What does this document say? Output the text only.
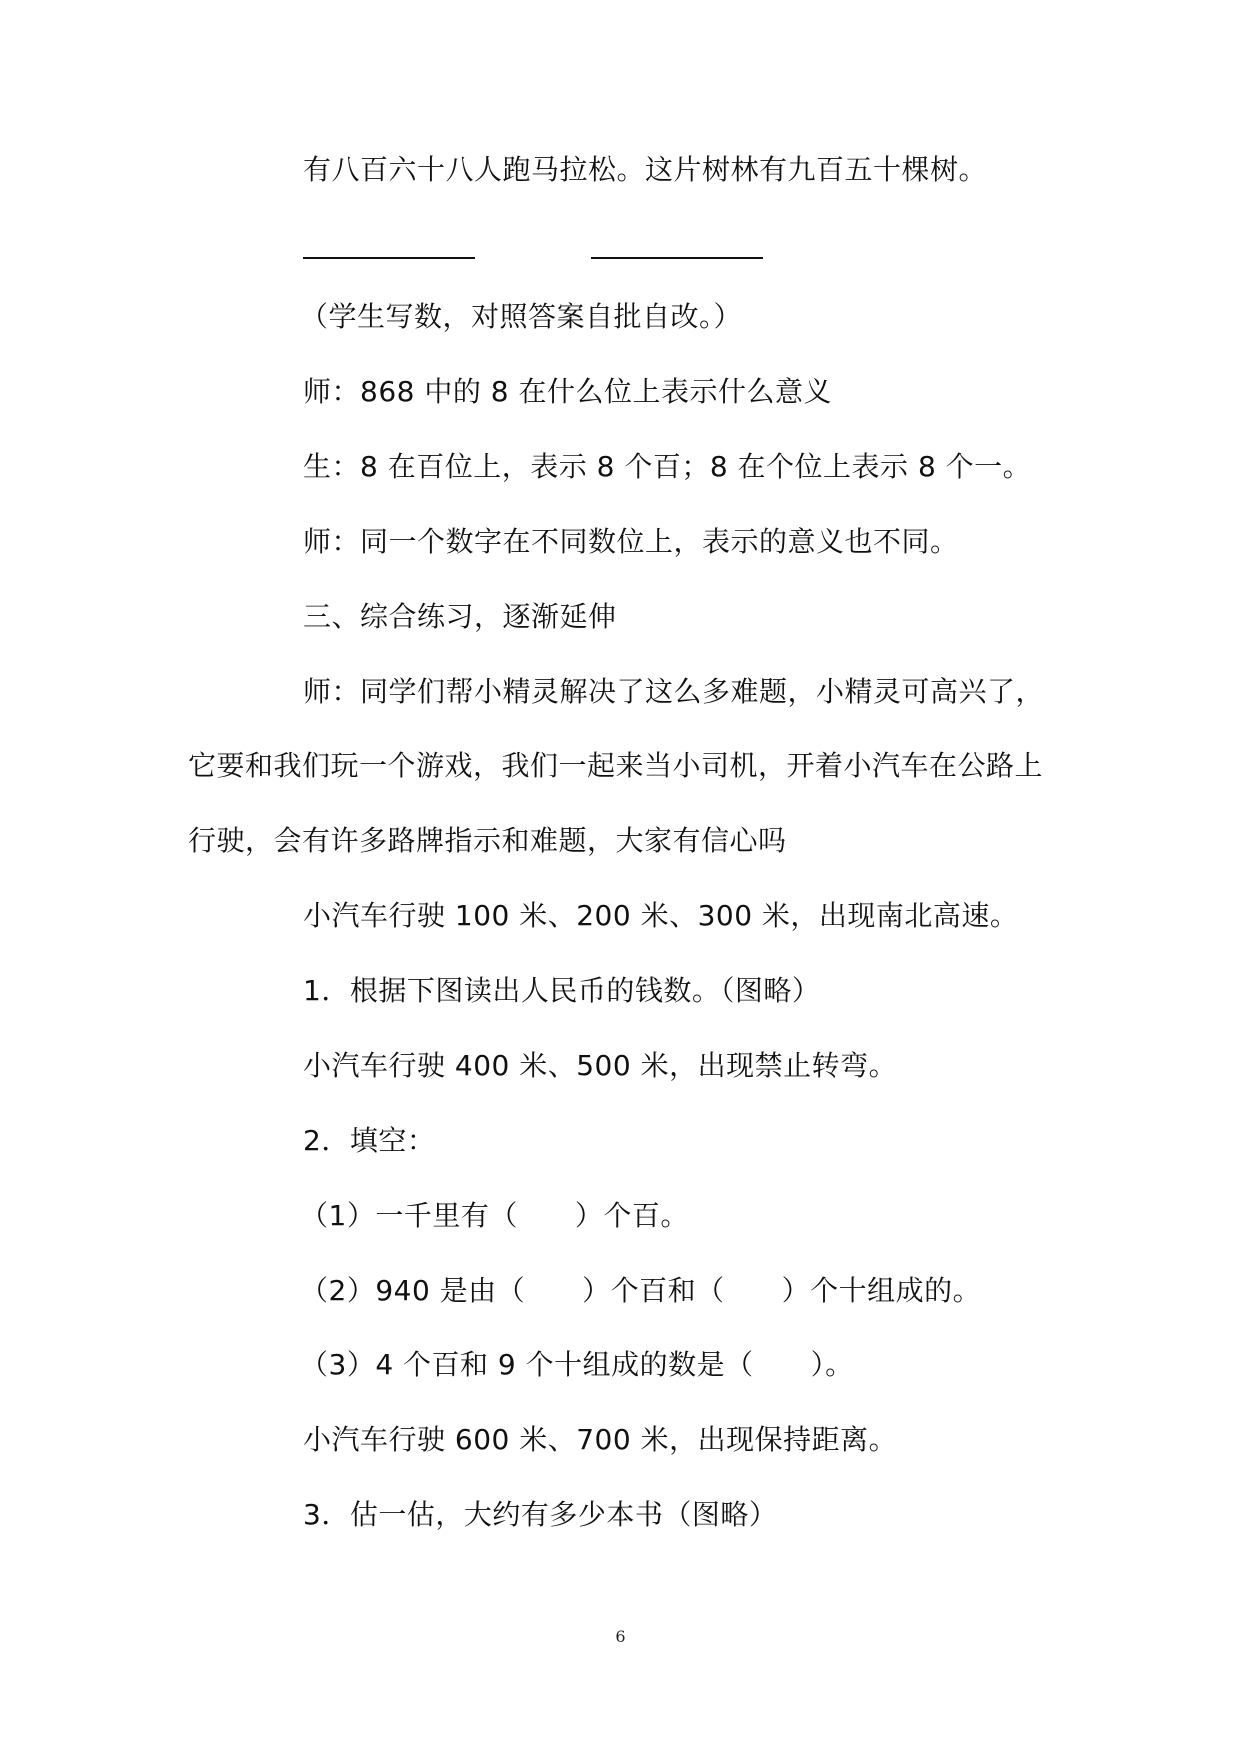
有八百六十八人跑马拉松。这片树林有九百五十棵树。
（学生写数，对照答案自批自改。）
师：868 中的 8 在什么位上表示什么意义
生：8 在百位上，表示 8 个百；8 在个位上表示 8 个一。
师：同一个数字在不同数位上，表示的意义也不同。
三、综合练习，逐渐延伸
师：同学们帮小精灵解决了这么多难题，小精灵可高兴了，
它要和我们玩一个游戏，我们一起来当小司机，开着小汽车在公路上
行驶，会有许多路牌指示和难题，大家有信心吗
小汽车行驶 100 米、200 米、300 米，出现南北高速。
1．根据下图读出人民币的钱数。（图略）
小汽车行驶 400 米、500 米，出现禁止转弯。
2．填空：
（1）一千里有（　　）个百。
（2）940 是由（　　）个百和（　　）个十组成的。
（3）4 个百和 9 个十组成的数是（　　）。
小汽车行驶 600 米、700 米，出现保持距离。
3．估一估，大约有多少本书（图略）
6
